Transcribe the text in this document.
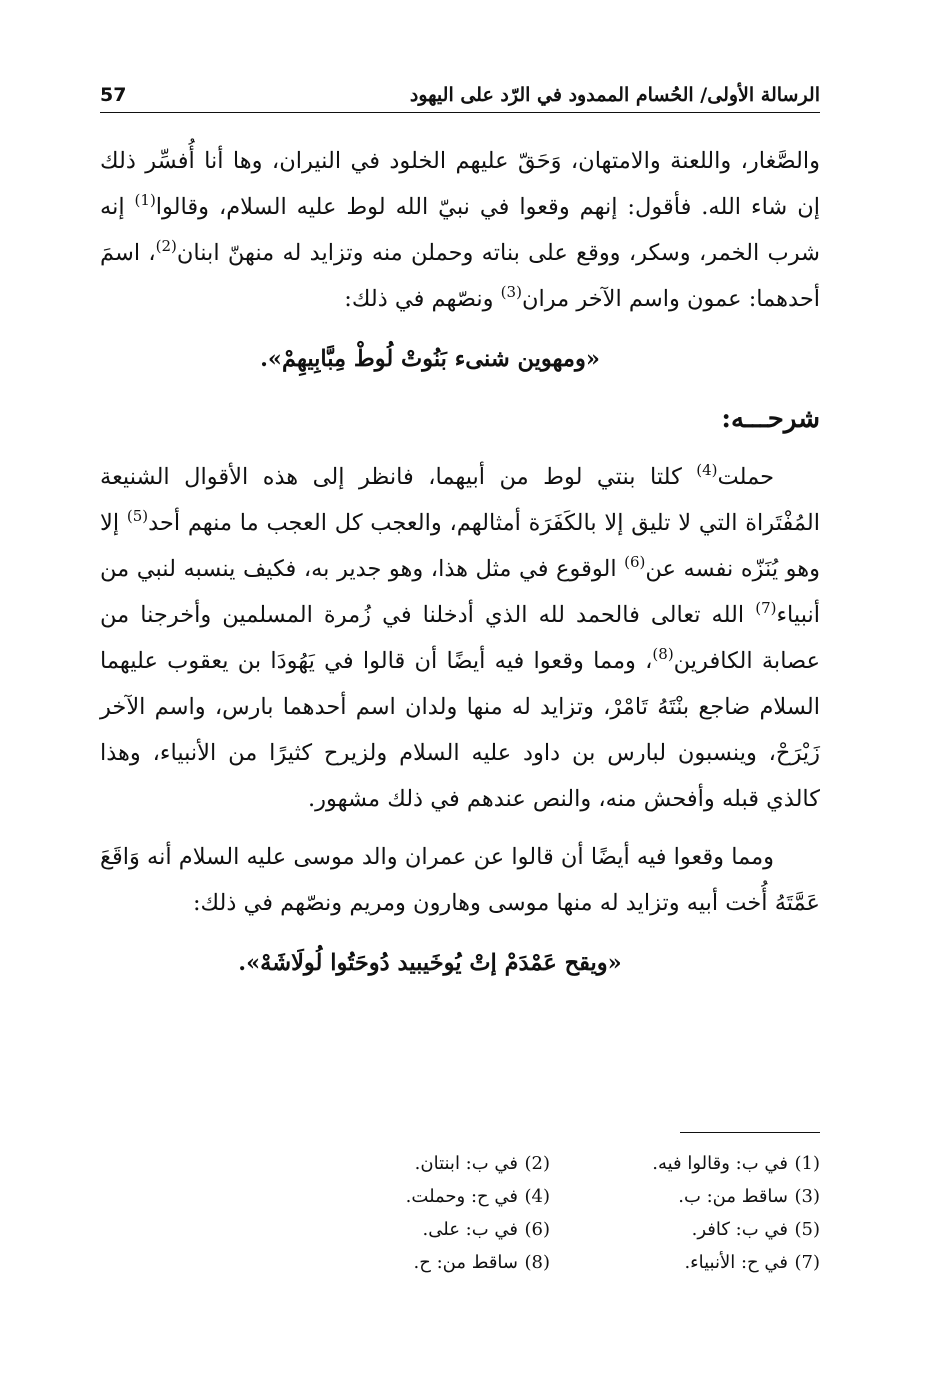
57	الرسالة الأولى/ الحُسام الممدود في الرّد على اليهود

والصَّغار، واللعنة والامتهان، وَحَقّ عليهم الخلود في النيران، وها أنا أُفسِّر ذلك إن شاء الله. فأقول: إنهم وقعوا في نبيّ الله لوط عليه السلام، وقالوا$^{(1)}$ إنه شرب الخمر، وسكر، ووقع على بناته وحملن منه وتزايد له منهنّ ابنان$^{(2)}$، اسمَ أحدهما: عمون واسم الآخر مران$^{(3)}$ ونصّهم في ذلك:

«ومهوين شنىء بَنُوتْ لُوطْ مِبَّابِيهِمْ».

شرحـــه:

حملت$^{(4)}$ كلتا بنتي لوط من أبيهما، فانظر إلى هذه الأقوال الشنيعة المُفْتَراة التي لا تليق إلا بالكَفَرَة أمثالهم، والعجب كل العجب ما منهم أحد$^{(5)}$ إلا وهو يُنَزّه نفسه عن$^{(6)}$ الوقوع في مثل هذا، وهو جدير به، فكيف ينسبه لنبي من أنبياء$^{(7)}$ الله تعالى فالحمد لله الذي أدخلنا في زُمرة المسلمين وأخرجنا من عصابة الكافرين$^{(8)}$، ومما وقعوا فيه أيضًا أن قالوا في يَهُودَا بن يعقوب عليهما السلام ضاجع بنْتَهُ تَامْرْ، وتزايد له منها ولدان اسم أحدهما بارس، واسم الآخر زَيْرَحْ، وينسبون لبارس بن داود عليه السلام ولزيرح كثيرًا من الأنبياء، وهذا كالذي قبله وأفحش منه، والنص عندهم في ذلك مشهور.

ومما وقعوا فيه أيضًا أن قالوا عن عمران والد موسى عليه السلام أنه وَاقَعَ عَمَّتَهُ أُخت أبيه وتزايد له منها موسى وهارون ومريم ونصّهم في ذلك:

«ويقح عَمْدَمْ إتْ يُوخَيبيد دُوحَتُوا لُولَاشَهْ».

(1)في ب: وقالوا فيه.
(2)في ب: ابنتان.
(3)ساقط من: ب.
(4)في ح: وحملت.
(5)في ب: كافر.
(6)في ب: على.
(7)في ح: الأنبياء.
(8)ساقط من: ح.
